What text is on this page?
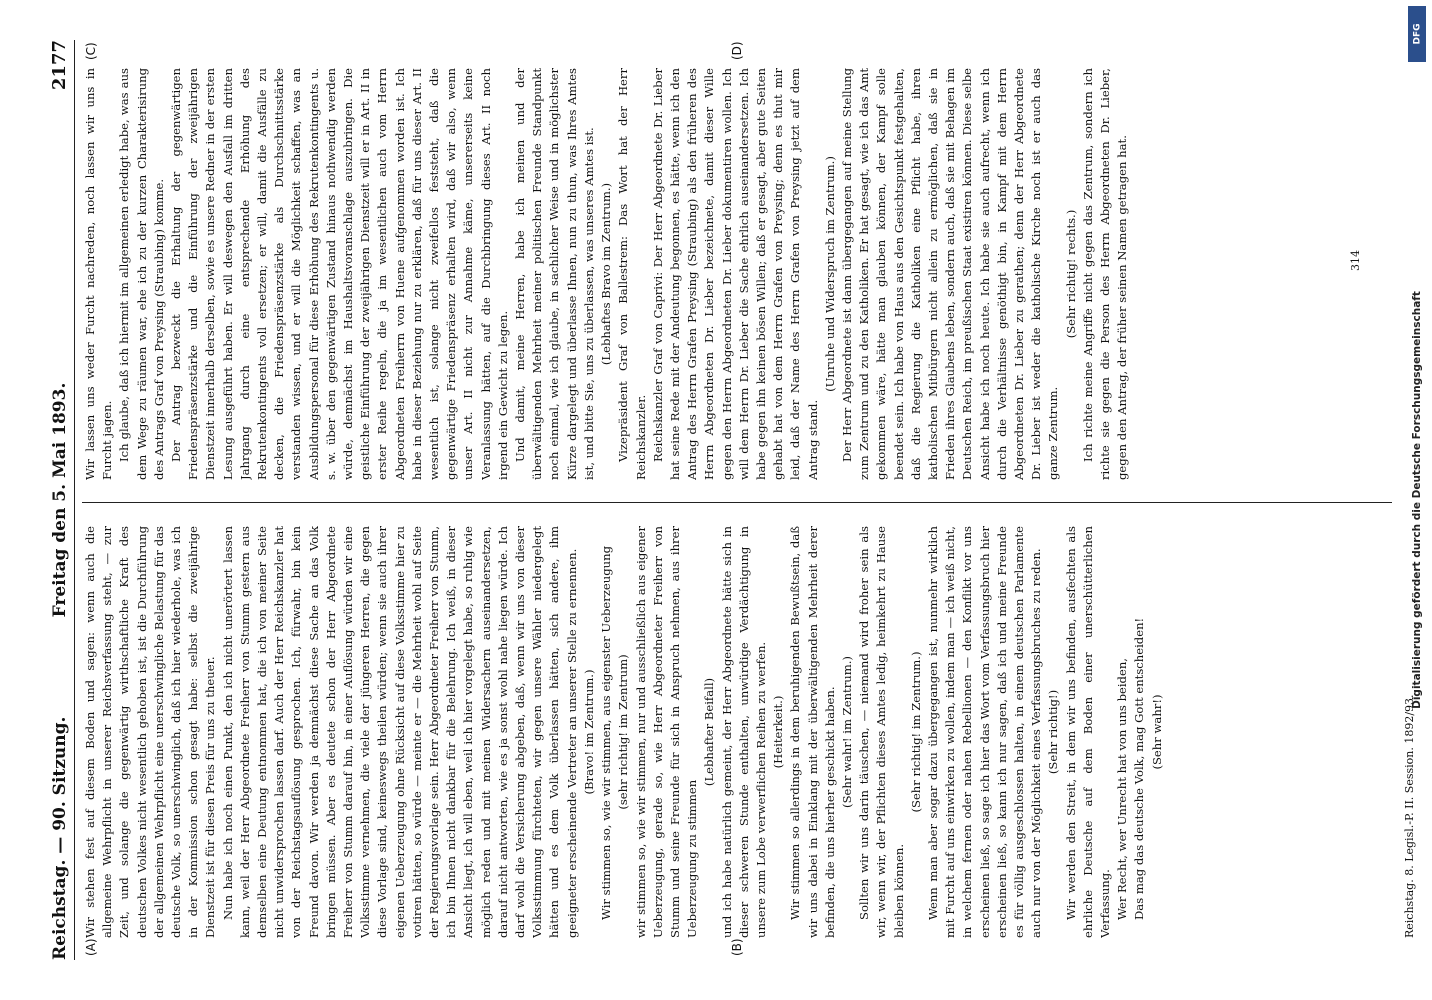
Reichstag. — 90. Sitzung.
Freitag den 5. Mai 1893.
2177
(A)	(B)
(C)	(D)

Wir stehen fest auf diesem Boden und sagen: wenn auch die allgemeine Wehrpflicht in unserer Reichsverfassung steht, — zur Zeit, und solange die gegenwärtig wirthschaftliche Kraft des deutschen Volkes nicht wesentlich gehoben ist, ist die Durchführung der allgemeinen Wehrpflicht eine unerschwingliche Belastung für das deutsche Volk, so unerschwinglich, daß ich hier wiederhole, was ich in der Kommission schon gesagt habe: selbst die zweijährige Dienstzeit ist für diesen Preis für uns zu theuer. Nun habe ich noch einen Punkt, den ich nicht unerörtert lassen kann, weil der Herr Abgeordnete Freiherr von Stumm gestern aus demselben eine Deutung entnommen hat, die ich von meiner Seite nicht unwidersprochen lassen darf. Auch der Herr Reichskanzler hat von der Reichstagsauflösung gesprochen. Ich, fürwahr, bin kein Freund davon. Wir werden ja demnächst diese Sache an das Volk bringen müssen. Aber es deutete schon der Herr Abgeordnete Freiherr von Stumm darauf hin, in einer Auflösung würden wir eine Volksstimme vernehmen, die viele der jüngeren Herren, die gegen diese Vorlage sind, keineswegs theilen würden; wenn sie auch ihrer eigenen Ueberzeugung ohne Rücksicht auf diese Volksstimme hier zu votiren hätten, so würde — meinte er — die Mehrheit wohl auf Seite der Regierungsvorlage sein. Herr Abgeordneter Freiherr von Stumm, ich bin Ihnen nicht dankbar für die Belehrung. Ich weiß, in dieser Ansicht liegt, ich will eben, weil ich hier vorgelegt habe, so ruhig wie möglich reden und mit meinen Widersachern auseinandersetzen, darauf nicht antworten, wie es ja sonst wohl nahe liegen würde. Ich darf wohl die Versicherung abgeben, daß, wenn wir uns von dieser Volksstimmung fürchteten, wir gegen unsere Wähler niedergelegt hätten und es dem Volk überlassen hätten, sich andere, ihm geeigneter erscheinende Vertreter an unserer Stelle zu ernennen. (Bravo! im Zentrum.) Wir stimmen so, wie wir stimmen, aus eigenster Ueberzeugung (sehr richtig! im Zentrum) wir stimmen so, wie wir stimmen, nur und ausschließlich aus eigener Ueberzeugung, gerade so, wie Herr Abgeordneter Freiherr von Stumm und seine Freunde für sich in Anspruch nehmen, aus ihrer Ueberzeugung zu stimmen

(Lebhafter Beifall) und ich habe natürlich gemeint, der Herr Abgeordnete hätte sich in dieser schweren Stunde enthalten, unwürdige Verdächtigung in unsere zum Lobe verwerflichen Reihen zu werfen. (Heiterkeit.) Wir stimmen so allerdings in dem beruhigenden Bewußtsein, daß wir uns dabei in Einklang mit der überwältigenden Mehrheit derer befinden, die uns hierher geschickt haben. (Sehr wahr! im Zentrum.) Sollten wir uns darin täuschen, — niemand wird froher sein als wir, wenn wir, der Pflichten dieses Amtes ledig, heimkehrt zu Hause bleiben können.

(Sehr richtig! im Zentrum.) Wenn man aber sogar dazu übergegangen ist, nunmehr wirklich mit Furcht auf uns einwirken zu wollen, indem man — ich weiß nicht, in welchem fernen oder nahen Rebellionen — den Konflikt vor uns erscheinen ließ, so sage ich hier das Wort vom Verfassungsbruch hier erscheinen ließ, so kann ich nur sagen, daß ich und meine Freunde es für völlig ausgeschlossen halten, in einem deutschen Parlamente auch nur von der Möglichkeit eines Verfassungsbruches zu reden. (Sehr richtig!) Wir werden den Streit, in dem wir uns befinden, ausfechten als ehrliche Deutsche auf dem Boden einer unerschütterlichen Verfassung. Wer Recht, wer Unrecht hat von uns beiden, Das mag das deutsche Volk, mag Gott entscheiden! (Sehr wahr!)

Wir lassen uns weder Furcht nachreden, noch lassen wir uns in Furcht jagen. Ich glaube, daß ich hiermit im allgemeinen erledigt habe, was aus dem Wege zu räumen war, ehe ich zu der kurzen Charakterisirung des Antrags Graf von Preysing (Straubing) komme. Der Antrag bezweckt die Erhaltung der gegenwärtigen Friedenspräsenzstärke und die Einführung der zweijährigen Dienstzeit innerhalb derselben, sowie es unsere Redner in der ersten Lesung ausgeführt haben. Er will deswegen den Ausfall im dritten Jahrgang durch eine entsprechende Erhöhung des Rekrutenkontingents voll ersetzen; er will, damit die Ausfälle zu decken, die Friedenspräsenzstärke als Durchschnittsstärke verstanden wissen, und er will die Möglichkeit schaffen, was an Ausbildungspersonal für diese Erhöhung des Rekrutenkontingents u. s. w. über den gegenwärtigen Zustand hinaus nothwendig werden würde, demnächst im Haushaltsvoranschlage auszubringen. Die geistliche Einführung der zweijährigen Dienstzeit will er in Art. II in erster Reihe regeln, die ja im wesentlichen auch vom Herrn Abgeordneten Freiherrn von Huene aufgenommen worden ist. Ich habe in dieser Beziehung nur zu erklären, daß für uns dieser Art. II wesentlich ist, solange nicht zweifellos feststeht, daß die gegenwärtige Friedenspräsenz erhalten wird, daß wir also, wenn unser Art. II nicht zur Annahme käme, unsererseits keine Veranlassung hätten, auf die Durchbringung dieses Art. II noch irgend ein Gewicht zu legen. Und damit, meine Herren, habe ich meinen und der überwältigenden Mehrheit meiner politischen Freunde Standpunkt noch einmal, wie ich glaube, in sachlicher Weise und in möglichster Kürze dargelegt und überlasse Ihnen, nun zu thun, was Ihres Amtes ist, und bitte Sie, uns zu überlassen, was unseres Amtes ist. (Lebhaftes Bravo im Zentrum.) Vizepräsident Graf von Ballestrem: Das Wort hat der Herr Reichskanzler. Reichskanzler Graf von Caprivi: Der Herr Abgeordnete Dr. Lieber hat seine Rede mit der Andeutung begonnen, es hätte, wenn ich den Antrag des Herrn Grafen Preysing (Straubing) als den früheren des Herrn Abgeordneten Dr. Lieber bezeichnete, damit dieser Wille gegen den Herrn Abgeordneten Dr. Lieber dokumentiren wollen. Ich will dem Herrn Dr. Lieber die Sache ehrlich auseinandersetzen. Ich habe gegen ihn keinen bösen Willen; daß er gesagt, aber gute Seiten gehabt hat von dem Herrn Grafen von Preysing; denn es thut mir leid, daß der Name des Herrn Grafen von Preysing jetzt auf dem Antrag stand.

(Unruhe und Widerspruch im Zentrum.) Der Herr Abgeordnete ist dann übergegangen auf meine Stellung zum Zentrum und zu den Katholiken. Er hat gesagt, wie ich das Amt gekommen wäre, hätte man glauben können, der Kampf solle beendet sein. Ich habe von Haus aus den Gesichtspunkt festgehalten, daß die Regierung die Katholiken eine Pflicht habe, ihren katholischen Mitbürgern nicht allein zu ermöglichen, daß sie in Frieden ihres Glaubens leben, sondern auch, daß sie mit Behagen im Deutschen Reich, im preußischen Staat existiren können. Diese selbe Ansicht habe ich noch heute. Ich habe sie auch aufrecht, wenn ich durch die Verhältnisse genöthigt bin, in Kampf mit dem Herrn Abgeordneten Dr. Lieber zu gerathen; denn der Herr Abgeordnete Dr. Lieber ist weder die katholische Kirche noch ist er auch das ganze Zentrum.

(Sehr richtig! rechts.) Ich richte meine Angriffe nicht gegen das Zentrum, sondern ich richte sie gegen die Person des Herrn Abgeordneten Dr. Lieber, gegen den Antrag, der früher seinen Namen getragen hat.

Reichstag. 8. Legisl.-P. II. Session. 1892/93.
314
Digitalisierung gefördert durch die Deutsche Forschungsgemeinschaft
DFG
